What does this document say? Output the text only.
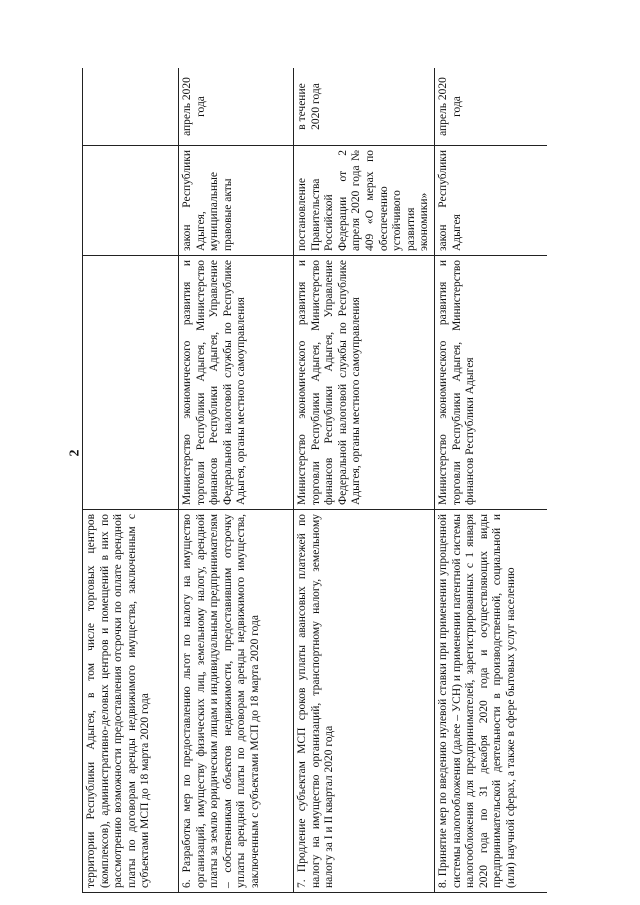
2
территории Республики Адыгея, в том числе торговых центров (комплексов), административно-деловых центров и помещений в них по рассмотрению возможности предоставления отсрочки по оплате арендной платы по договорам аренды недвижимого имущества, заключенным с субъектами МСП до 18 марта 2020 года			

6. Разработка мер по предоставлению льгот по налогу на имущество организаций, имуществу физических лиц, земельному налогу, арендной платы за землю юридическим лицам и индивидуальным предпринимателям – собственникам объектов недвижимости, предоставившим отсрочку уплаты арендной платы по договорам аренды недвижимого имущества, заключенным с субъектами МСП до 18 марта 2020 года	Министерство экономического развития и торговли Республики Адыгея, Министерство финансов Республики Адыгея, Управление Федеральной налоговой службы по Республике Адыгея, органы местного самоуправления	закон Республики Адыгея, муниципальные правовые акты	апрель 2020 года

7. Продление субъектам МСП сроков уплаты авансовых платежей по налогу на имущество организаций, транспортному налогу, земельному налогу за I и II квартал 2020 года	Министерство экономического развития и торговли Республики Адыгея, Министерство финансов Республики Адыгея, Управление Федеральной налоговой службы по Республике Адыгея, органы местного самоуправления	постановление Правительства Российской Федерации от 2 апреля 2020 года № 409 «О мерах по обеспечению устойчивого развития экономики»	в течение 2020 года

8. Принятие мер по введению нулевой ставки при применении упрощенной системы налогообложения (далее – УСН) и применении патентной системы налогообложения для предпринимателей, зарегистрированных с 1 января 2020 года по 31 декабря 2020 года и осуществляющих виды предпринимательской деятельности в производственной, социальной и (или) научной сферах, а также в сфере бытовых услуг населению	Министерство экономического развития и торговли Республики Адыгея, Министерство финансов Республики Адыгея	закон Республики Адыгея	апрель 2020 года
